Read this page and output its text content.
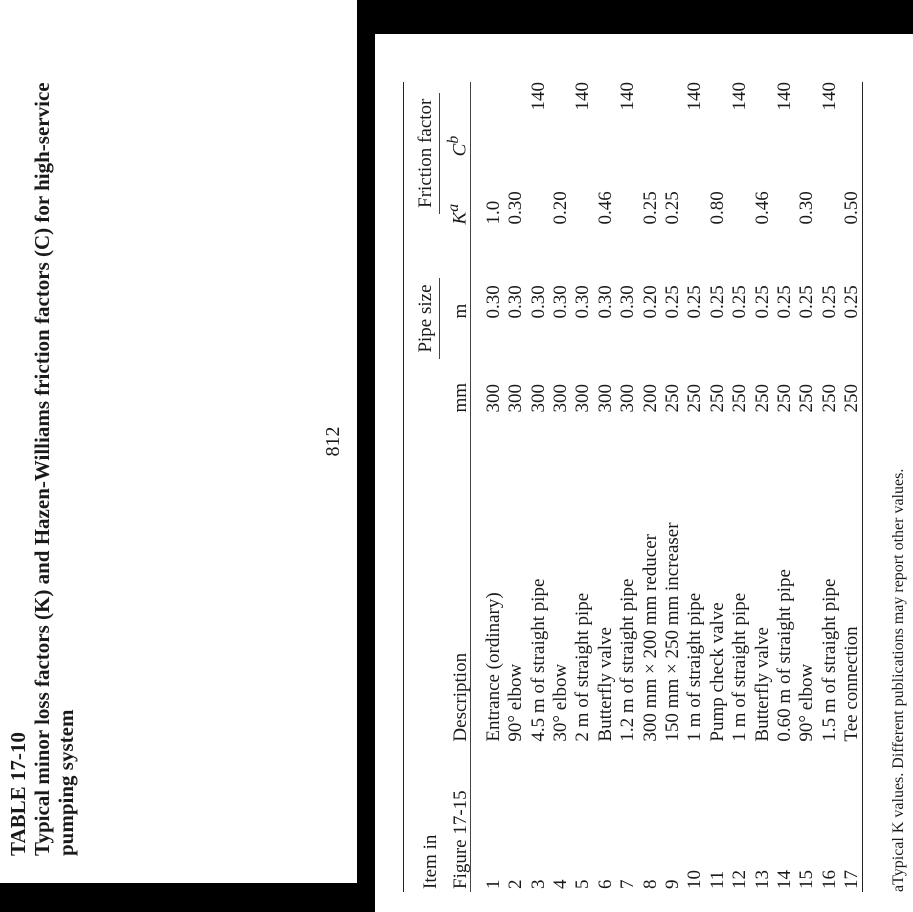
TABLE 17-10 Typical minor loss factors (K) and Hazen-Williams friction factors (C) for high-service pumping system
812

Item in		Pipe size		Friction factor	
Figure 17-15	Description	mm	m	$K^a$	$C^b$

1	Entrance (ordinary)	300	0.30	1.0	
2	90° elbow	300	0.30	0.30	
3	4.5 m of straight pipe	300	0.30		140
4	30° elbow	300	0.30	0.20	
5	2 m of straight pipe	300	0.30		140
6	Butterfly valve	300	0.30	0.46	
7	1.2 m of straight pipe	300	0.30		140
8	300 mm × 200 mm reducer	200	0.20	0.25	
9	150 mm × 250 mm increaser	250	0.25	0.25	
10	1 m of straight pipe	250	0.25		140
11	Pump check valve	250	0.25	0.80	
12	1 m of straight pipe	250	0.25		140
13	Butterfly valve	250	0.25	0.46	
14	0.60 m of straight pipe	250	0.25		140
15	90° elbow	250	0.25	0.30	
16	1.5 m of straight pipe	250	0.25		140
17	Tee connection	250	0.25	0.50	

aTypical K values. Different publications may report other values.
